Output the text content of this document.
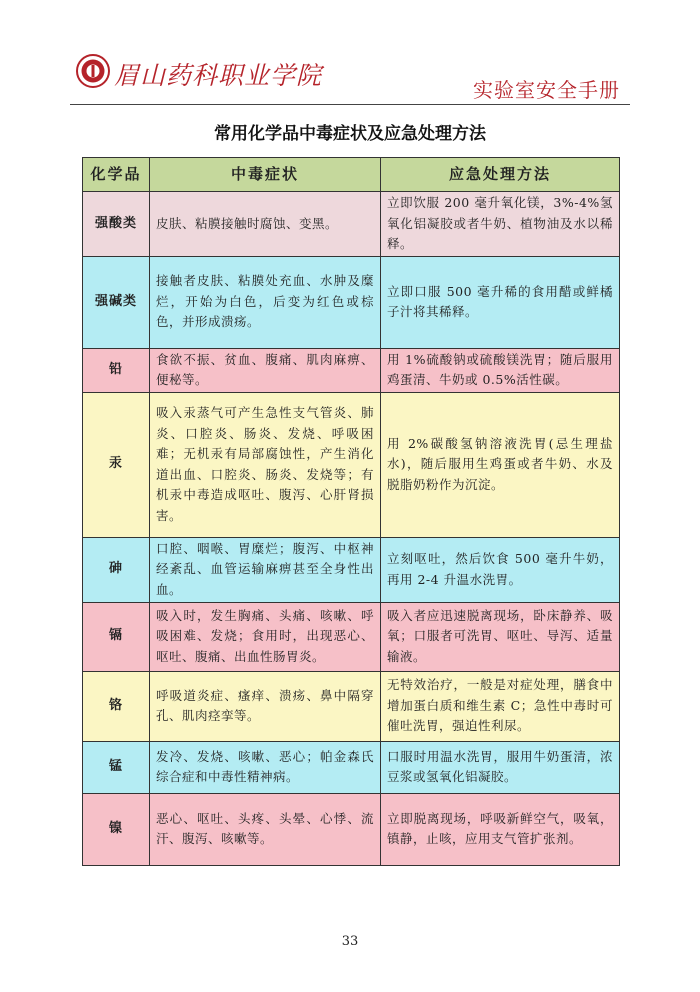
眉山药科职业学院	实验室安全手册
常用化学品中毒症状及应急处理方法
化学品	中毒症状	应急处理方法
强酸类	皮肤、粘膜接触时腐蚀、变黑。	立即饮服 200 毫升氧化镁，3%-4%氢氧化铝凝胶或者牛奶、植物油及水以稀释。
强碱类	接触者皮肤、粘膜处充血、水肿及糜烂，开始为白色，后变为红色或棕色，并形成溃疡。	立即口服 500 毫升稀的食用醋或鲜橘子汁将其稀释。
铅	食欲不振、贫血、腹痛、肌肉麻痹、便秘等。	用 1%硫酸钠或硫酸镁洗胃；随后服用鸡蛋清、牛奶或 0.5%活性碳。
汞	吸入汞蒸气可产生急性支气管炎、肺炎、口腔炎、肠炎、发烧、呼吸困难；无机汞有局部腐蚀性，产生消化道出血、口腔炎、肠炎、发烧等；有机汞中毒造成呕吐、腹泻、心肝肾损害。	用 2%碳酸氢钠溶液洗胃(忌生理盐水)，随后服用生鸡蛋或者牛奶、水及脱脂奶粉作为沉淀。
砷	口腔、咽喉、胃糜烂；腹泻、中枢神经紊乱、血管运输麻痹甚至全身性出血。	立刻呕吐，然后饮食 500 毫升牛奶，再用 2-4 升温水洗胃。
镉	吸入时，发生胸痛、头痛、咳嗽、呼吸困难、发烧；食用时，出现恶心、呕吐、腹痛、出血性肠胃炎。	吸入者应迅速脱离现场，卧床静养、吸氧；口服者可洗胃、呕吐、导泻、适量输液。
铬	呼吸道炎症、瘙痒、溃疡、鼻中隔穿孔、肌肉痉挛等。	无特效治疗，一般是对症处理，膳食中增加蛋白质和维生素 C；急性中毒时可催吐洗胃，强迫性利尿。
锰	发冷、发烧、咳嗽、恶心；帕金森氏综合症和中毒性精神病。	口服时用温水洗胃，服用牛奶蛋清，浓豆浆或氢氧化铝凝胶。
镍	恶心、呕吐、头疼、头晕、心悸、流汗、腹泻、咳嗽等。	立即脱离现场，呼吸新鲜空气，吸氧，镇静，止咳，应用支气管扩张剂。
33
